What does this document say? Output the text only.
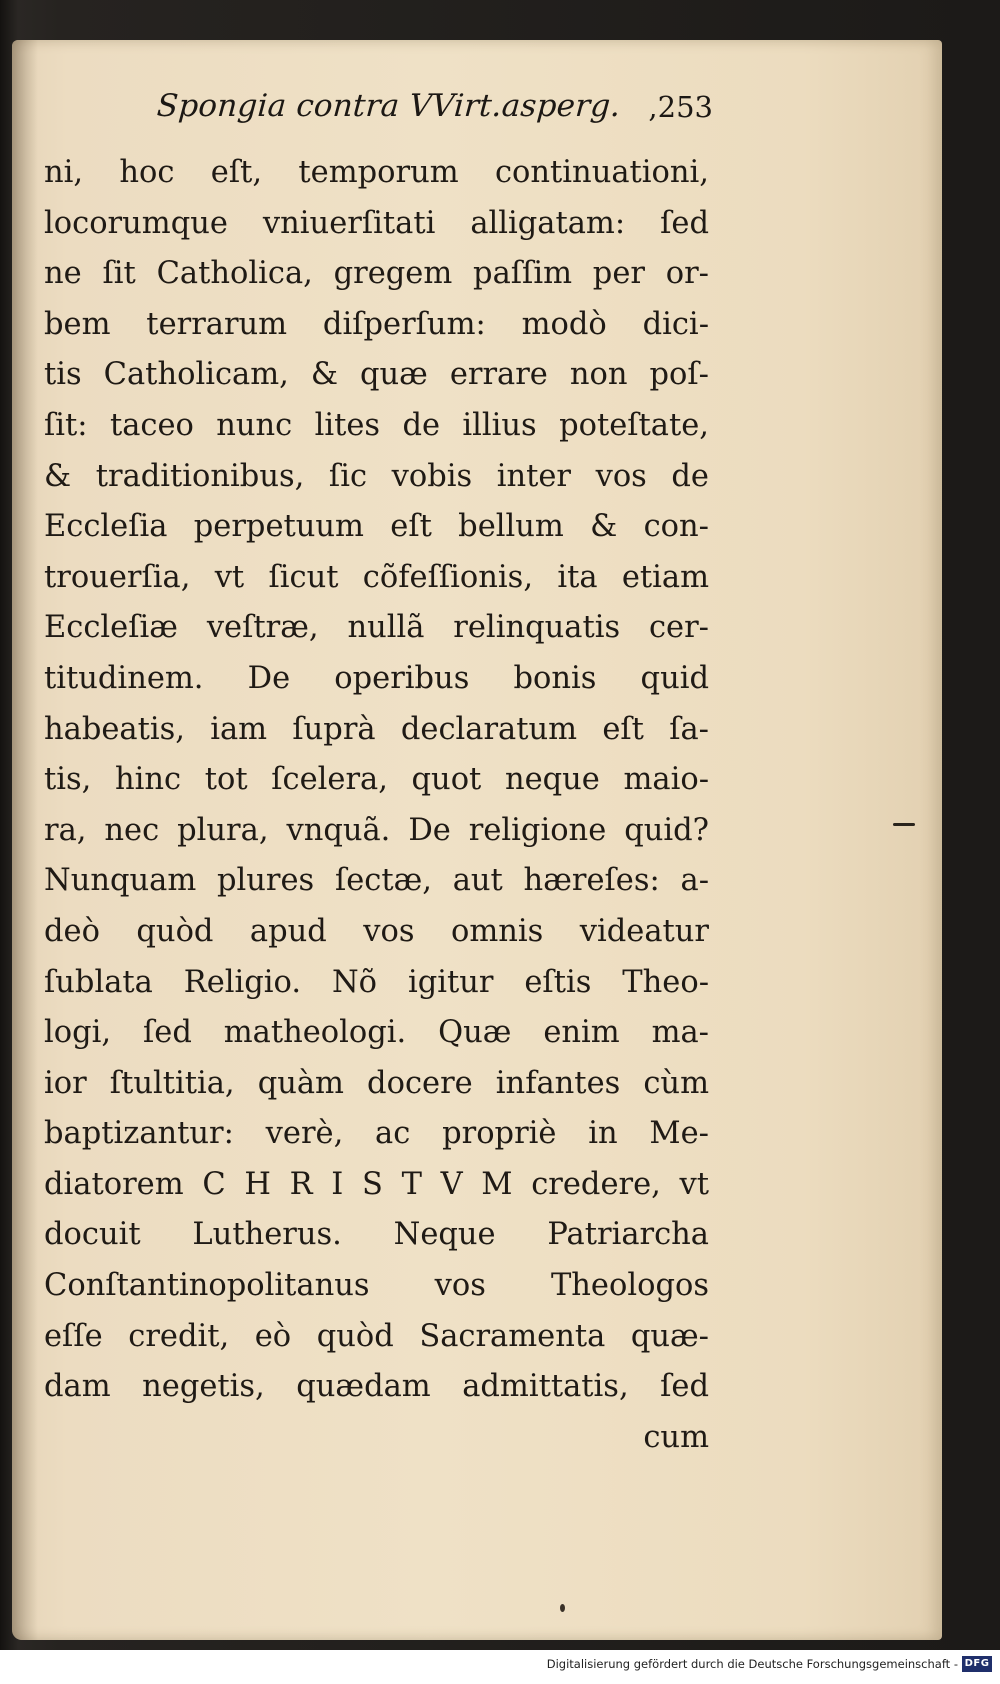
Spongia contra VVirt.asperg. ,253
ni, hoc eſt, temporum continuationi,
locorumque vniuerſitati alligatam: ſed
ne ſit Catholica, gregem paſſim per or-
bem terrarum diſperſum: modò dici-
tis Catholicam, & quæ errare non poſ-
ſit: taceo nunc lites de illius poteſtate,
& traditionibus, ſic vobis inter vos de
Eccleſia perpetuum eſt bellum & con-
trouerſia, vt ſicut cõfeſſionis, ita etiam
Eccleſiæ veſtræ, nullã relinquatis cer-
titudinem. De operibus bonis quid
habeatis, iam ſuprà declaratum eſt ſa-
tis, hinc tot ſcelera, quot neque maio-
ra, nec plura, vnquã. De religione quid?
Nunquam plures ſectæ, aut hæreſes: a-
deò quòd apud vos omnis videatur
ſublata Religio. Nõ igitur eſtis Theo-
logi, ſed matheologi. Quæ enim ma-
ior ſtultitia, quàm docere infantes cùm
baptizantur: verè, ac propriè in Me-
diatorem C H R I S T V M credere, vt
docuit Lutherus. Neque Patriarcha
Conſtantinopolitanus vos Theologos
eſſe credit, eò quòd Sacramenta quæ-
dam negetis, quædam admittatis, ſed
cum
Digitalisierung gefördert durch die Deutsche Forschungsgemeinschaft - DFG
